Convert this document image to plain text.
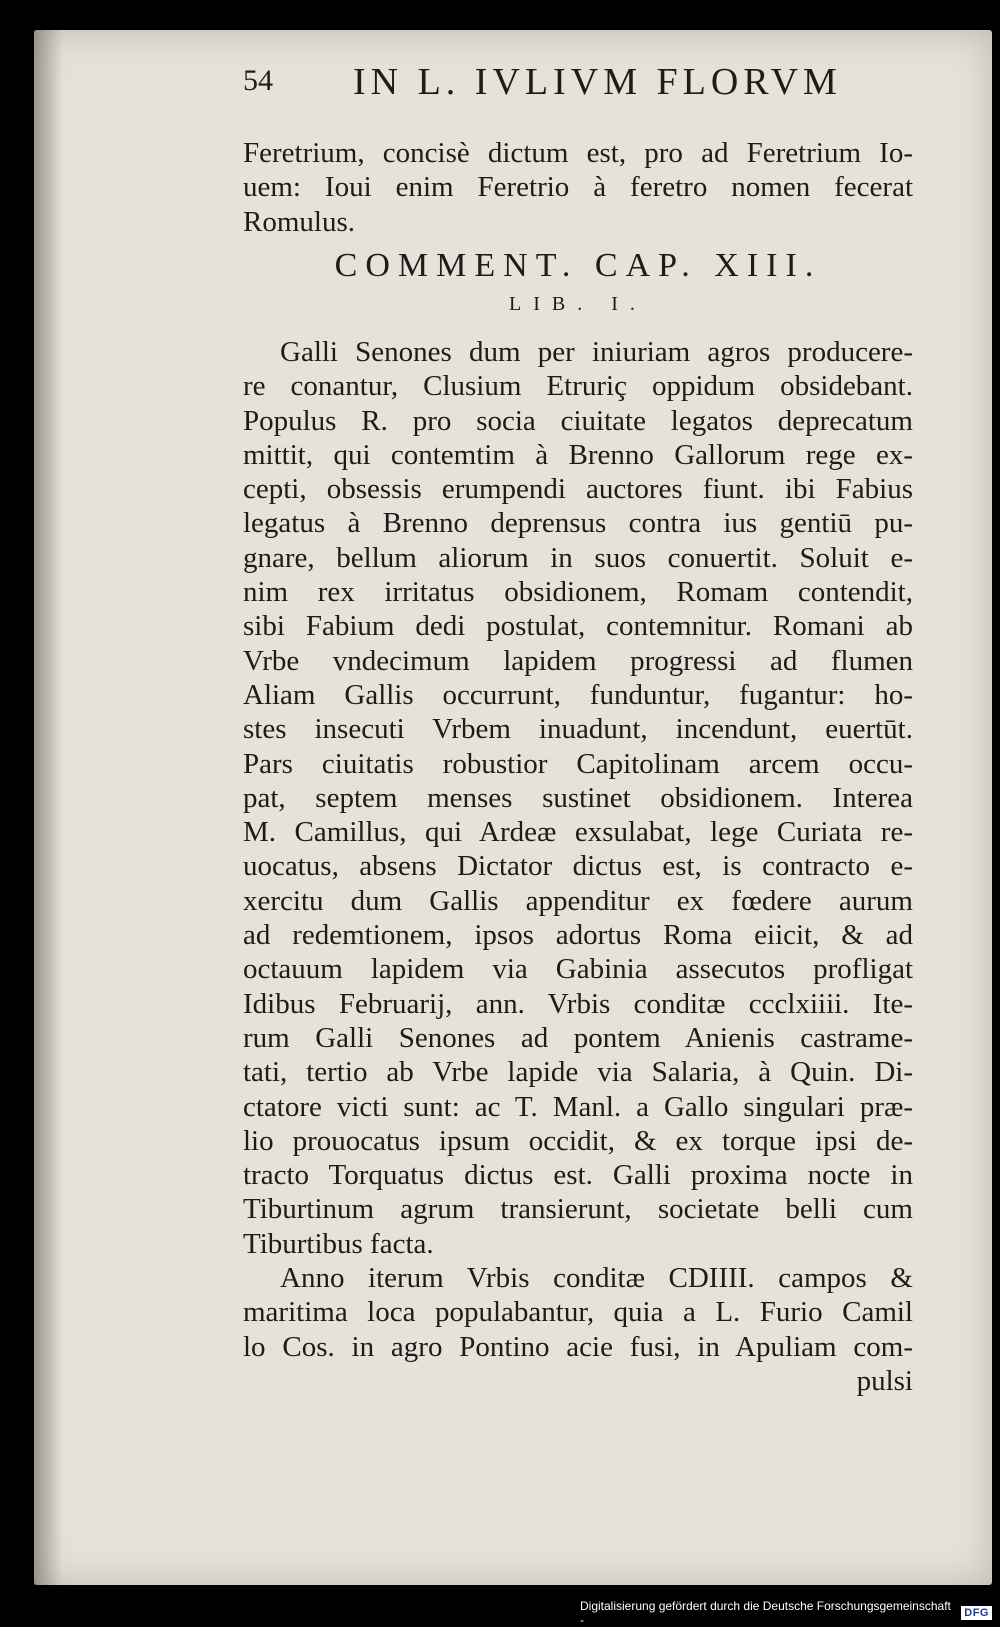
54 IN L. IVLIVM FLORVM
Feretrium, concisè dictum est, pro ad Feretrium Io-
uem: Ioui enim Feretrio à feretro nomen fecerat
Romulus.
COMMENT. CAP. XIII.
LIB. I.
Galli Senones dum per iniuriam agros producere-
re conantur, Clusium Etruriç oppidum obsidebant.
Populus R. pro socia ciuitate legatos deprecatum
mittit, qui contemtim à Brenno Gallorum rege ex-
cepti, obsessis erumpendi auctores fiunt. ibi Fabius
legatus à Brenno deprensus contra ius gentiū pu-
gnare, bellum aliorum in suos conuertit. Soluit e-
nim rex irritatus obsidionem, Romam contendit,
sibi Fabium dedi postulat, contemnitur. Romani ab
Vrbe vndecimum lapidem progressi ad flumen
Aliam Gallis occurrunt, funduntur, fugantur: ho-
stes insecuti Vrbem inuadunt, incendunt, euertūt.
Pars ciuitatis robustior Capitolinam arcem occu-
pat, septem menses sustinet obsidionem. Interea
M. Camillus, qui Ardeæ exsulabat, lege Curiata re-
uocatus, absens Dictator dictus est, is contracto e-
xercitu dum Gallis appenditur ex fœdere aurum
ad redemtionem, ipsos adortus Roma eiicit, & ad
octauum lapidem via Gabinia assecutos profligat
Idibus Februarij, ann. Vrbis conditæ ccclxiiii. Ite-
rum Galli Senones ad pontem Anienis castrame-
tati, tertio ab Vrbe lapide via Salaria, à Quin. Di-
ctatore victi sunt: ac T. Manl. a Gallo singulari præ-
lio prouocatus ipsum occidit, & ex torque ipsi de-
tracto Torquatus dictus est. Galli proxima nocte in
Tiburtinum agrum transierunt, societate belli cum
Tiburtibus facta.
Anno iterum Vrbis conditæ CDIIII. campos &
maritima loca populabantur, quia a L. Furio Camil
lo Cos. in agro Pontino acie fusi, in Apuliam com-
pulsi
Digitalisierung gefördert durch die Deutsche Forschungsgemeinschaft -	DFG
